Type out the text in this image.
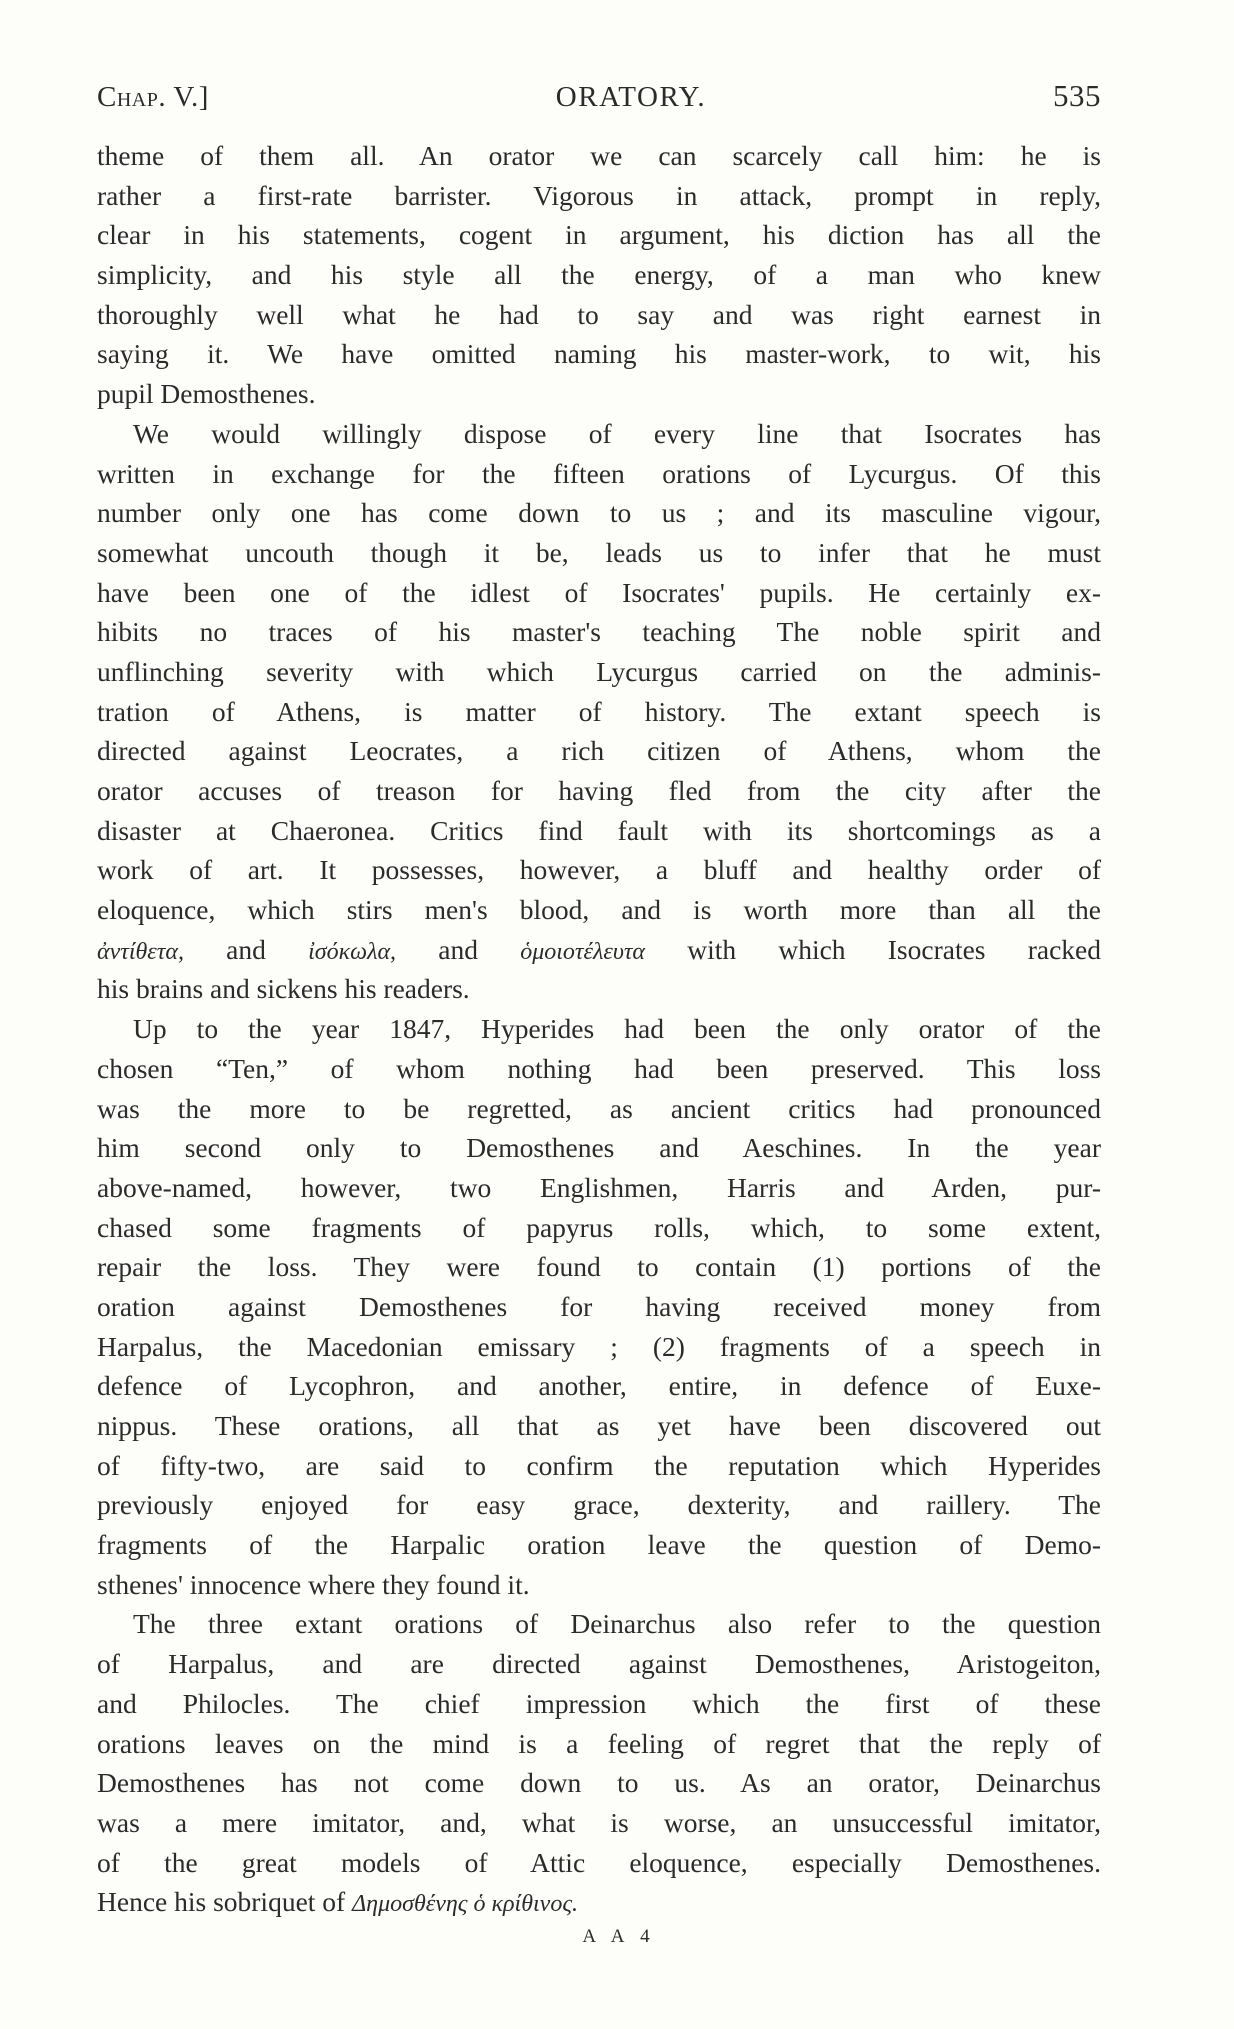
Chap. V.]	ORATORY.	535
theme of them all. An orator we can scarcely call him: he is
rather a first-rate barrister. Vigorous in attack, prompt in reply,
clear in his statements, cogent in argument, his diction has all the
simplicity, and his style all the energy, of a man who knew
thoroughly well what he had to say and was right earnest in
saying it. We have omitted naming his master-work, to wit, his
pupil Demosthenes.
We would willingly dispose of every line that Isocrates has
written in exchange for the fifteen orations of Lycurgus. Of this
number only one has come down to us ; and its masculine vigour,
somewhat uncouth though it be, leads us to infer that he must
have been one of the idlest of Isocrates' pupils. He certainly ex-
hibits no traces of his master's teaching The noble spirit and
unflinching severity with which Lycurgus carried on the adminis-
tration of Athens, is matter of history. The extant speech is
directed against Leocrates, a rich citizen of Athens, whom the
orator accuses of treason for having fled from the city after the
disaster at Chaeronea. Critics find fault with its shortcomings as a
work of art. It possesses, however, a bluff and healthy order of
eloquence, which stirs men's blood, and is worth more than all the
ἀντίθετα, and ἰσόκωλα, and ὁμοιοτέλευτα with which Isocrates racked
his brains and sickens his readers.
Up to the year 1847, Hyperides had been the only orator of the
chosen “Ten,” of whom nothing had been preserved. This loss
was the more to be regretted, as ancient critics had pronounced
him second only to Demosthenes and Aeschines. In the year
above-named, however, two Englishmen, Harris and Arden, pur-
chased some fragments of papyrus rolls, which, to some extent,
repair the loss. They were found to contain (1) portions of the
oration against Demosthenes for having received money from
Harpalus, the Macedonian emissary ; (2) fragments of a speech in
defence of Lycophron, and another, entire, in defence of Euxe-
nippus. These orations, all that as yet have been discovered out
of fifty-two, are said to confirm the reputation which Hyperides
previously enjoyed for easy grace, dexterity, and raillery. The
fragments of the Harpalic oration leave the question of Demo-
sthenes' innocence where they found it.
The three extant orations of Deinarchus also refer to the question
of Harpalus, and are directed against Demosthenes, Aristogeiton,
and Philocles. The chief impression which the first of these
orations leaves on the mind is a feeling of regret that the reply of
Demosthenes has not come down to us. As an orator, Deinarchus
was a mere imitator, and, what is worse, an unsuccessful imitator,
of the great models of Attic eloquence, especially Demosthenes.
Hence his sobriquet of Δημοσθένης ὁ κρίθινος.
A A 4
